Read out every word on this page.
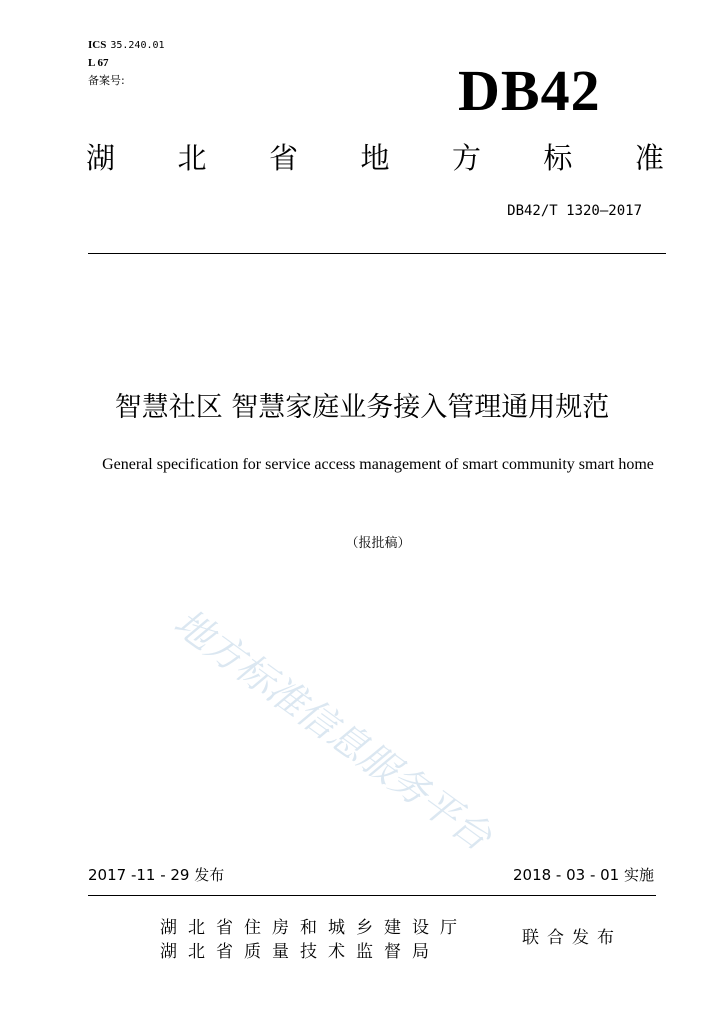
ICS 35.240.01
L 67
备案号:	DB42
湖 北 省 地 方 标 准
DB42/T 1320—2017
智慧社区 智慧家庭业务接入管理通用规范
General specification for service access management of smart community smart home
（报批稿）
地方标准信息服务平台
2017 -11 - 29 发布	2018 - 03 - 01 实施
湖北省住房和城乡建设厅
湖北省质量技术监督局
联合发布
